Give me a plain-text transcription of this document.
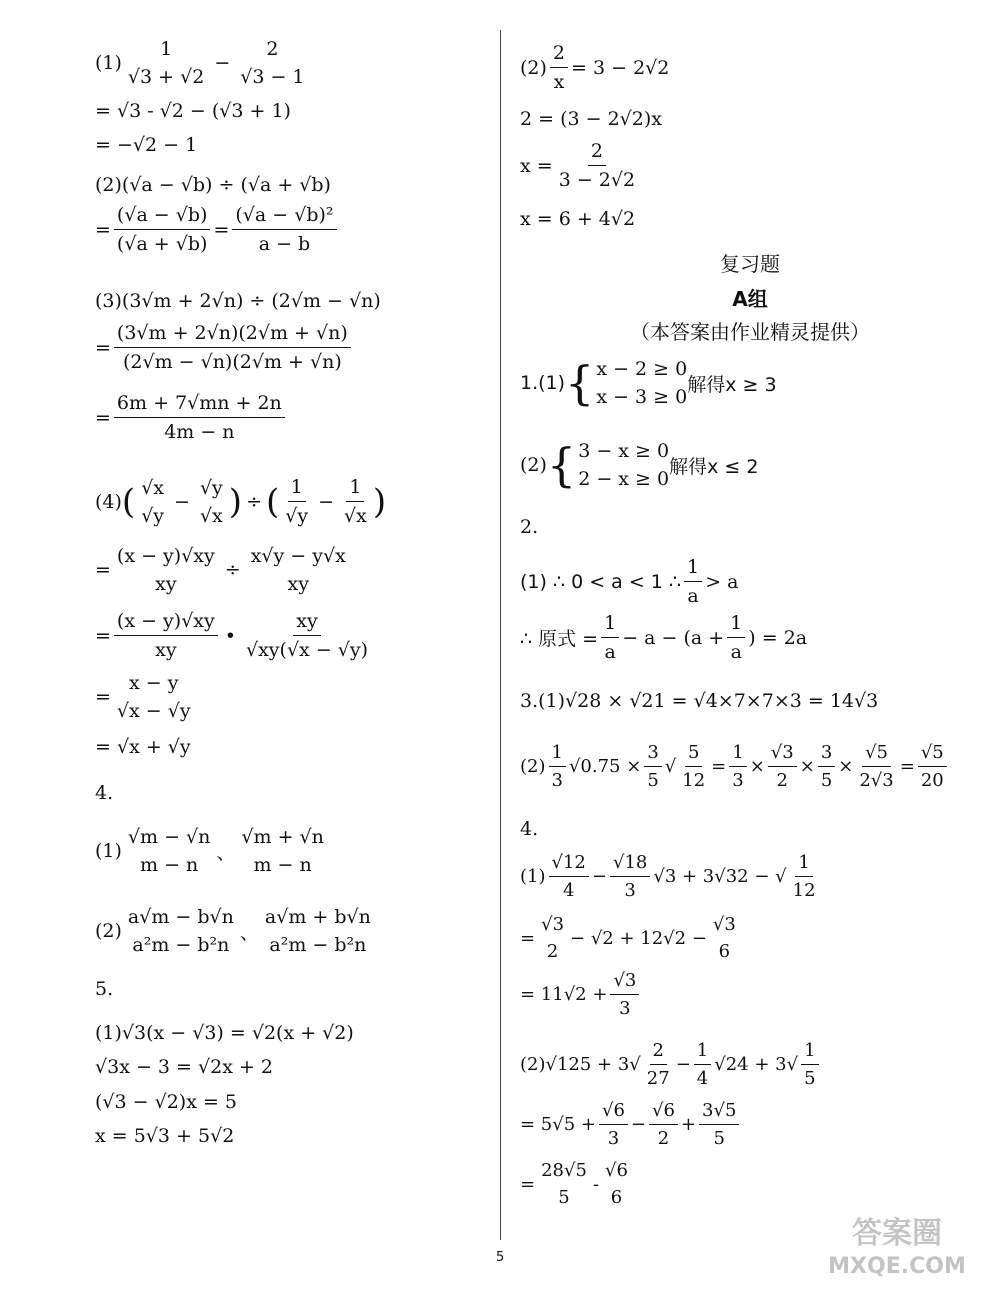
(1)
1
√3 + √2
−
2
√3 − 1
= √3 - √2 − (√3 + 1)
= −√2 − 1
(2)(√a − √b) ÷ (√a + √b)
= $\frac{(√a - √b)}{(√a + √b)} = \frac{\text{(√a − √b)²}}{a - b}$
(3)(3√m + 2√n) ÷ (2√m − √n)
= $\frac{(3√m + 2√n)(2√m + √n)}{(2√m - √n)(2√m + √n)}$
= $\frac{6m + 7√mn + 2n}{4m - n}$
(4) ( √x
√y
−
√y
√x ) ÷ ( $\frac{1}{√y} - \frac{1}{√x}$ )
=
(x − y)√xy
xy
÷
x√y − y√x
xy
= $\frac{(x - y)√xy}{xy}$ • $\frac{xy}{√xy(√x - √y)}$
=
x − y
√x − √y
= √x + √y
4.
(1)
√m − √n
m − n
、
√m + √n
m − n
(2)
a√m − b√n
a²m − b²n
、
a√m + b√n
a²m − b²n
5.
(1)√3(x − √3) = √2(x + √2)
√3x − 3 = √2x + 2
(√3 − √2)x = 5
x = 5√3 + 5√2
$(2) \frac{2}{x} = 3 - 2√2$
2 = (3 − 2√2)x
$x = \frac{2}{3 - 2√2}$
x = 6 + 4√2
复习题
A组
（本答案由作业精灵提供）
1.(1) { x − 2 ≥ 0
x − 3 ≥ 0
解得x ≥ 3
(2) { 3 − x ≥ 0
2 − x ≥ 0
解得x ≤ 2
2.
(1) ∴ 0 < a < 1 ∴ $\frac{1}{a} > a$
∴ 原式 = $\frac{1}{a} - a - (a + \frac{1}{a}$ ) = 2a
3.(1)√28 × √21 = √4×7×7×3 = 14√3
$(2) \frac{1}{3} √0.75 \times \frac{3}{5}$ √ $\frac{5}{12} = \frac{1}{3} \times \frac{√3}{2} \times \frac{3}{5} \times \frac{√5}{2√3} = \frac{√5}{20}$
4.
$(1) \frac{√12}{4} - \frac{√18}{3} √3 + 3√32$ − √ $\frac{1}{12}$
=
√3
2
− √2 + 12√2 −
√3
6
= $11√2 + \frac{√3}{3}$
$(2)√125 + 3√ \frac{2}{27} - \frac{1}{4} √24 + 3√ \frac{1}{5}$
= $5√5 + \frac{√6}{3} - \frac{√6}{2} + \frac{3√5}{5}$
=
28√5
5
-
√6
6
5
答案圈
MXQE.COM
